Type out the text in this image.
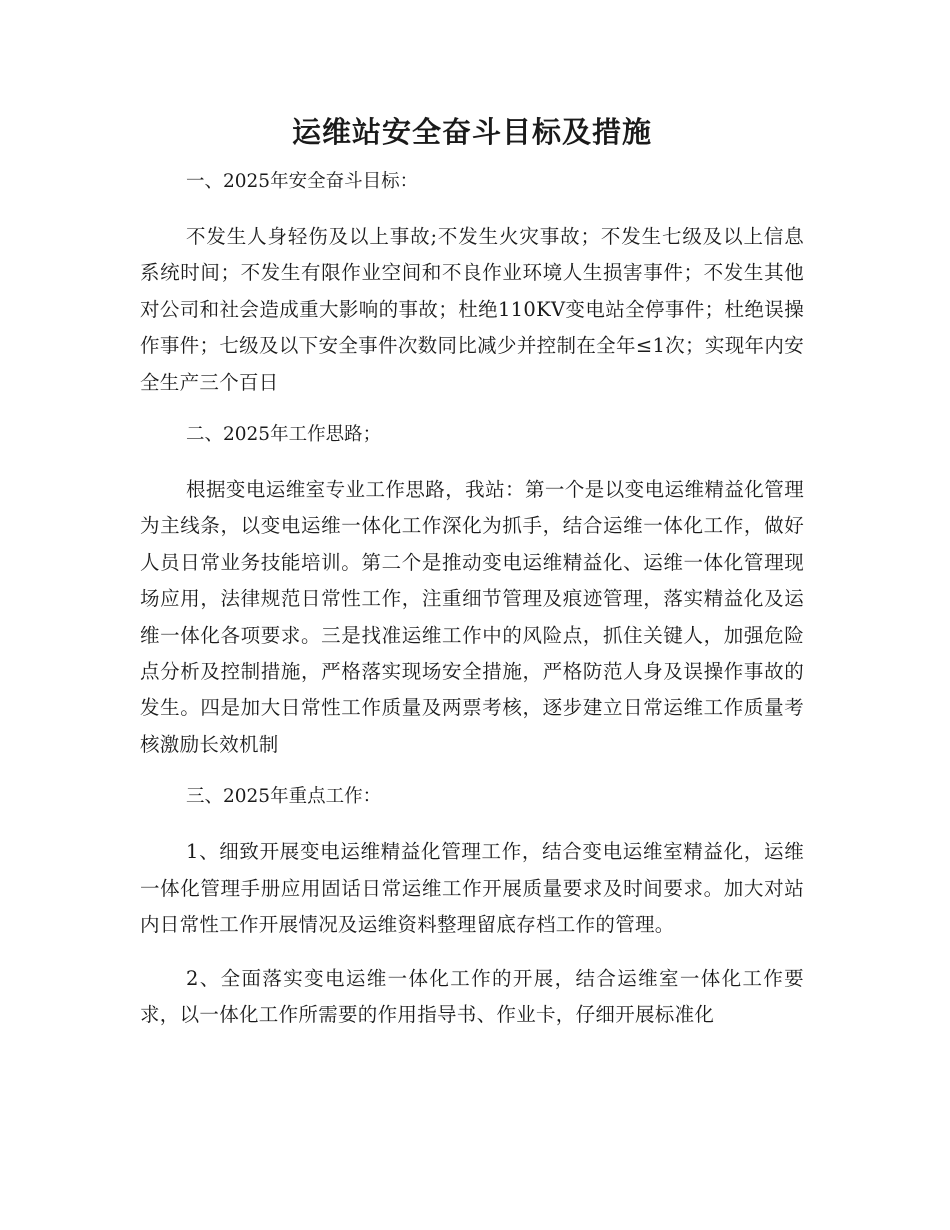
运维站安全奋斗目标及措施
一、2025年安全奋斗目标：

不发生人身轻伤及以上事故;不发生火灾事故；不发生七级及以上信息系统时间；不发生有限作业空间和不良作业环境人生损害事件；不发生其他对公司和社会造成重大影响的事故；杜绝110KV变电站全停事件；杜绝误操作事件；七级及以下安全事件次数同比减少并控制在全年≤1次；实现年内安全生产三个百日

二、2025年工作思路；

根据变电运维室专业工作思路，我站：第一个是以变电运维精益化管理为主线条，以变电运维一体化工作深化为抓手，结合运维一体化工作，做好人员日常业务技能培训。第二个是推动变电运维精益化、运维一体化管理现场应用，法律规范日常性工作，注重细节管理及痕迹管理，落实精益化及运维一体化各项要求。三是找准运维工作中的风险点，抓住关键人，加强危险点分析及控制措施，严格落实现场安全措施，严格防范人身及误操作事故的发生。四是加大日常性工作质量及两票考核，逐步建立日常运维工作质量考核激励长效机制

三、2025年重点工作：

1、细致开展变电运维精益化管理工作，结合变电运维室精益化，运维一体化管理手册应用固话日常运维工作开展质量要求及时间要求。加大对站内日常性工作开展情况及运维资料整理留底存档工作的管理。

2、全面落实变电运维一体化工作的开展，结合运维室一体化工作要求，以一体化工作所需要的作用指导书、作业卡，仔细开展标准化
